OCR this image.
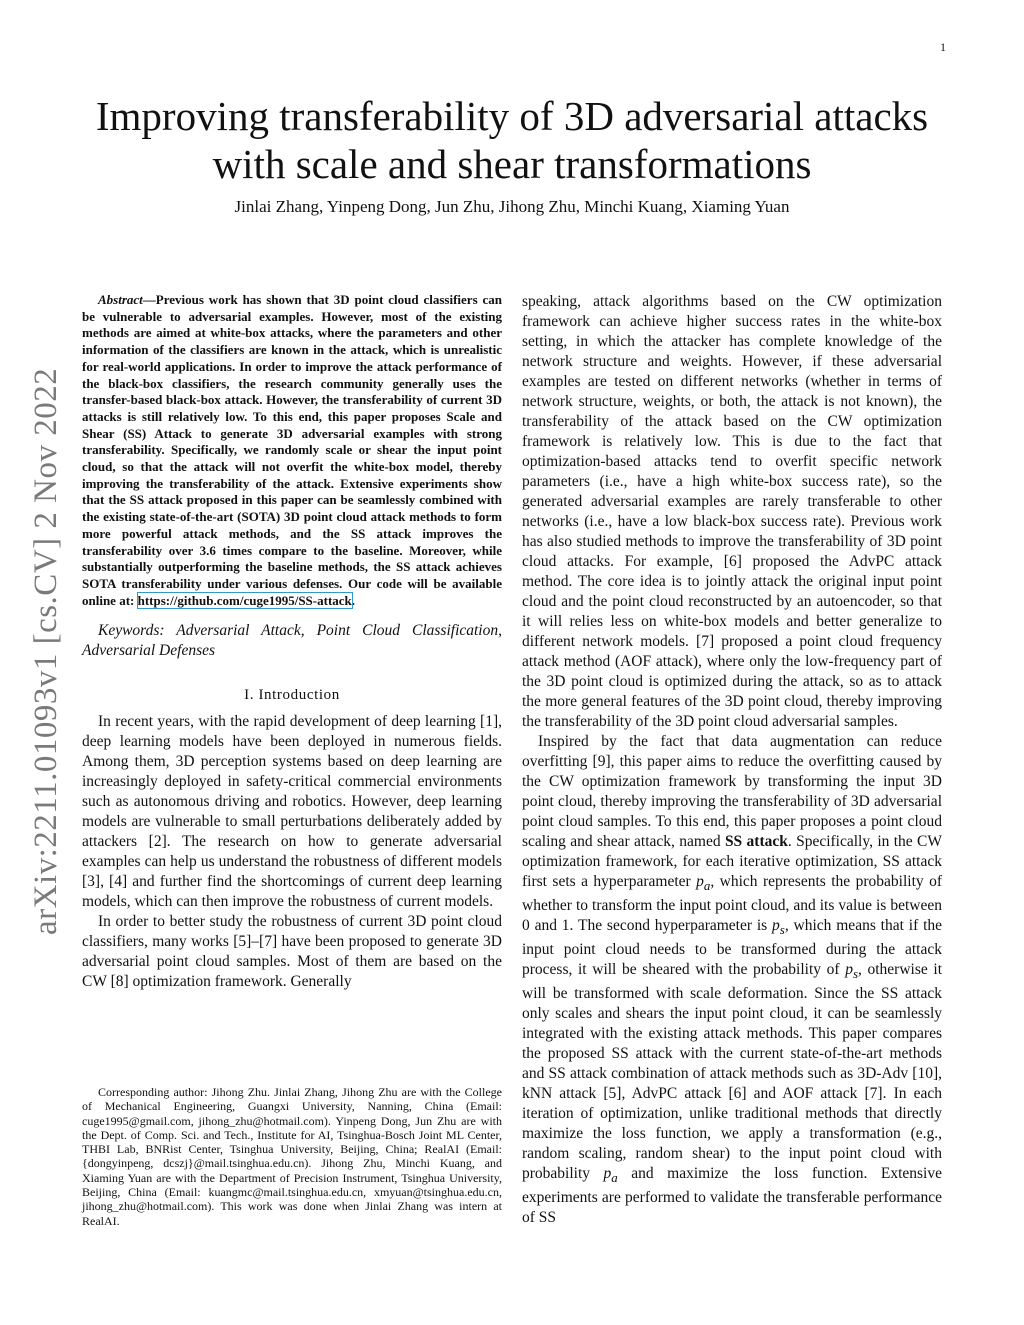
1
arXiv:2211.01093v1 [cs.CV] 2 Nov 2022
Improving transferability of 3D adversarial attacks
with scale and shear transformations
Jinlai Zhang, Yinpeng Dong, Jun Zhu, Jihong Zhu, Minchi Kuang, Xiaming Yuan

Abstract—Previous work has shown that 3D point cloud classifiers can be vulnerable to adversarial examples. However, most of the existing methods are aimed at white-box attacks, where the parameters and other information of the classifiers are known in the attack, which is unrealistic for real-world applications. In order to improve the attack performance of the black-box classifiers, the research community generally uses the transfer-based black-box attack. However, the transferability of current 3D attacks is still relatively low. To this end, this paper proposes Scale and Shear (SS) Attack to generate 3D adversarial examples with strong transferability. Specifically, we randomly scale or shear the input point cloud, so that the attack will not overfit the white-box model, thereby improving the transferability of the attack. Extensive experiments show that the SS attack proposed in this paper can be seamlessly combined with the existing state-of-the-art (SOTA) 3D point cloud attack methods to form more powerful attack methods, and the SS attack improves the transferability over 3.6 times compare to the baseline. Moreover, while substantially outperforming the baseline methods, the SS attack achieves SOTA transferability under various defenses. Our code will be available online at: https://github.com/cuge1995/SS-attack.

Keywords: Adversarial Attack, Point Cloud Classification, Adversarial Defenses

I. Introduction

In recent years, with the rapid development of deep learning [1], deep learning models have been deployed in numerous fields. Among them, 3D perception systems based on deep learning are increasingly deployed in safety-critical commercial environments such as autonomous driving and robotics. However, deep learning models are vulnerable to small perturbations deliberately added by attackers [2]. The research on how to generate adversarial examples can help us understand the robustness of different models [3], [4] and further find the shortcomings of current deep learning models, which can then improve the robustness of current models.

In order to better study the robustness of current 3D point cloud classifiers, many works [5]–[7] have been proposed to generate 3D adversarial point cloud samples. Most of them are based on the CW [8] optimization framework. Generally

Corresponding author: Jihong Zhu. Jinlai Zhang, Jihong Zhu are with the College of Mechanical Engineering, Guangxi University, Nanning, China (Email: cuge1995@gmail.com, jihong_zhu@hotmail.com). Yinpeng Dong, Jun Zhu are with the Dept. of Comp. Sci. and Tech., Institute for AI, Tsinghua-Bosch Joint ML Center, THBI Lab, BNRist Center, Tsinghua University, Beijing, China; RealAI (Email: {dongyinpeng, dcszj}@mail.tsinghua.edu.cn). Jihong Zhu, Minchi Kuang, and Xiaming Yuan are with the Department of Precision Instrument, Tsinghua University, Beijing, China (Email: kuangmc@mail.tsinghua.edu.cn, xmyuan@tsinghua.edu.cn, jihong_zhu@hotmail.com). This work was done when Jinlai Zhang was intern at RealAI.

speaking, attack algorithms based on the CW optimization framework can achieve higher success rates in the white-box setting, in which the attacker has complete knowledge of the network structure and weights. However, if these adversarial examples are tested on different networks (whether in terms of network structure, weights, or both, the attack is not known), the transferability of the attack based on the CW optimization framework is relatively low. This is due to the fact that optimization-based attacks tend to overfit specific network parameters (i.e., have a high white-box success rate), so the generated adversarial examples are rarely transferable to other networks (i.e., have a low black-box success rate). Previous work has also studied methods to improve the transferability of 3D point cloud attacks. For example, [6] proposed the AdvPC attack method. The core idea is to jointly attack the original input point cloud and the point cloud reconstructed by an autoencoder, so that it will relies less on white-box models and better generalize to different network models. [7] proposed a point cloud frequency attack method (AOF attack), where only the low-frequency part of the 3D point cloud is optimized during the attack, so as to attack the more general features of the 3D point cloud, thereby improving the transferability of the 3D point cloud adversarial samples.

Inspired by the fact that data augmentation can reduce overfitting [9], this paper aims to reduce the overfitting caused by the CW optimization framework by transforming the input 3D point cloud, thereby improving the transferability of 3D adversarial point cloud samples. To this end, this paper proposes a point cloud scaling and shear attack, named SS attack. Specifically, in the CW optimization framework, for each iterative optimization, SS attack first sets a hyperparameter $p_a$, which represents the probability of whether to transform the input point cloud, and its value is between 0 and 1. The second hyperparameter is $p_s$, which means that if the input point cloud needs to be transformed during the attack process, it will be sheared with the probability of $p_s$, otherwise it will be transformed with scale deformation. Since the SS attack only scales and shears the input point cloud, it can be seamlessly integrated with the existing attack methods. This paper compares the proposed SS attack with the current state-of-the-art methods and SS attack combination of attack methods such as 3D-Adv [10], kNN attack [5], AdvPC attack [6] and AOF attack [7]. In each iteration of optimization, unlike traditional methods that directly maximize the loss function, we apply a transformation (e.g., random scaling, random shear) to the input point cloud with probability $p_a$ and maximize the loss function. Extensive experiments are performed to validate the transferable performance of SS
